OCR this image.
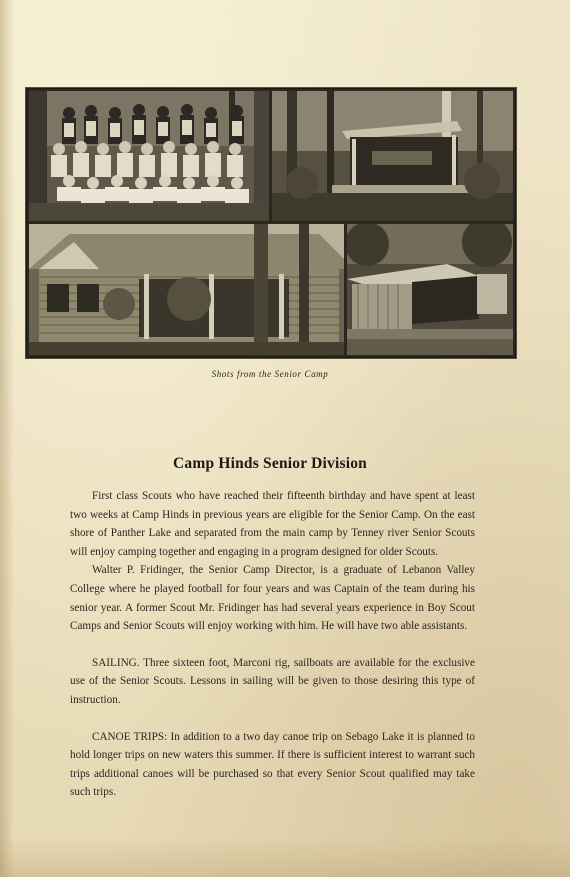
Shots from the Senior Camp
Camp Hinds Senior Division

First class Scouts who have reached their fifteenth birthday and have spent at least two weeks at Camp Hinds in previous years are eligible for the Senior Camp. On the east shore of Panther Lake and separated from the main camp by Tenney river Senior Scouts will enjoy camping together and engaging in a program designed for older Scouts.

Walter P. Fridinger, the Senior Camp Director, is a graduate of Lebanon Valley College where he played football for four years and was Captain of the team during his senior year. A former Scout Mr. Fridinger has had several years experience in Boy Scout Camps and Senior Scouts will enjoy working with him. He will have two able assistants.

SAILING. Three sixteen foot, Marconi rig, sailboats are available for the exclusive use of the Senior Scouts. Lessons in sailing will be given to those desiring this type of instruction.

CANOE TRIPS: In addition to a two day canoe trip on Sebago Lake it is planned to hold longer trips on new waters this summer. If there is sufficient interest to warrant such trips additional canoes will be purchased so that every Senior Scout qualified may take such trips.
